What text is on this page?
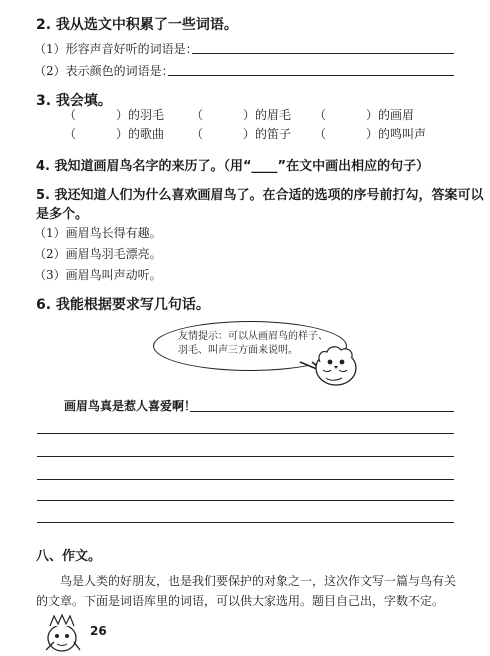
2. 我从选文中积累了一些词语。
（1）形容声音好听的词语是：
（2）表示颜色的词语是：
3. 我会填。
（	）的羽毛	（	）的眉毛	（	）的画眉
（	）的歌曲	（	）的笛子	（	）的鸣叫声
4. 我知道画眉鸟名字的来历了。（用“____”在文中画出相应的句子）
5. 我还知道人们为什么喜欢画眉鸟了。在合适的选项的序号前打勾，答案可以
是多个。
（1）画眉鸟长得有趣。
（2）画眉鸟羽毛漂亮。
（3）画眉鸟叫声动听。
6. 我能根据要求写几句话。
友情提示：可以从画眉鸟的样子、羽毛、叫声三方面来说明。
画眉鸟真是惹人喜爱啊！
八、作文。
鸟是人类的好朋友，也是我们要保护的对象之一，这次作文写一篇与鸟有关
的文章。下面是词语库里的词语，可以供大家选用。题目自己出，字数不定。
26
